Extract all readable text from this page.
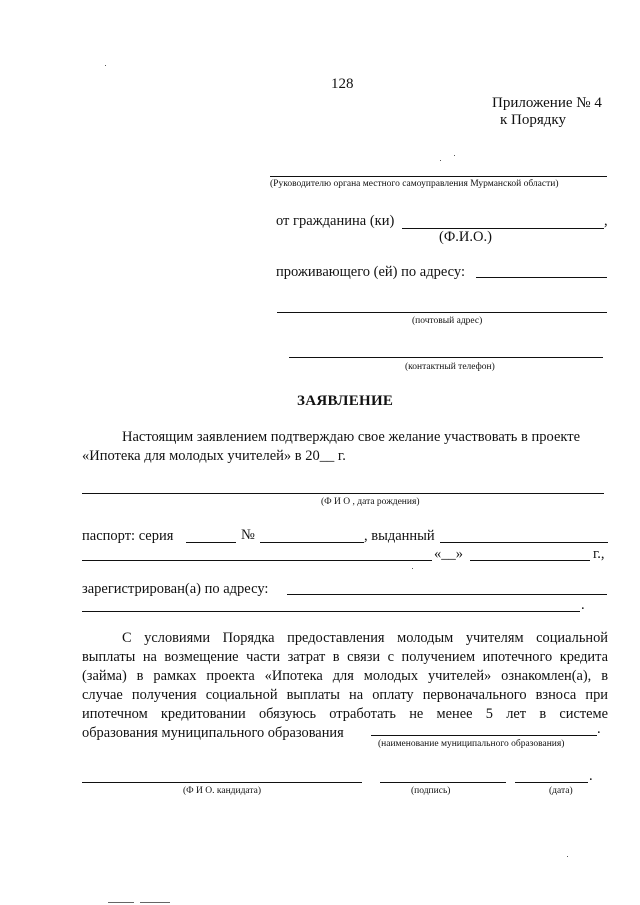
128
Приложение № 4
к Порядку
(Руководителю органа местного самоуправления Мурманской области)
от гражданина (ки)	,
(Ф.И.О.)
проживающего (ей) по адресу:
(почтовый адрес)
(контактный телефон)
ЗАЯВЛЕНИЕ
Настоящим заявлением подтверждаю свое желание участвовать в проекте
«Ипотека для молодых учителей» в 20__ г.
(Ф И О , дата рождения)
паспорт: серия	№	, выданный
«__»	г.,
зарегистрирован(а) по адресу:
.
С условиями Порядка предоставления молодым учителям социальной
выплаты на возмещение части затрат в связи с получением ипотечного кредита
(займа) в рамках проекта «Ипотека для молодых учителей» ознакомлен(а), в
случае получения социальной выплаты на оплату первоначального взноса при
ипотечном кредитовании обязуюсь отработать не менее 5 лет в системе
образования муниципального образования	.
(наименование муниципального образования)
.
(Ф И О. кандидата)	(подпись)	(дата)
